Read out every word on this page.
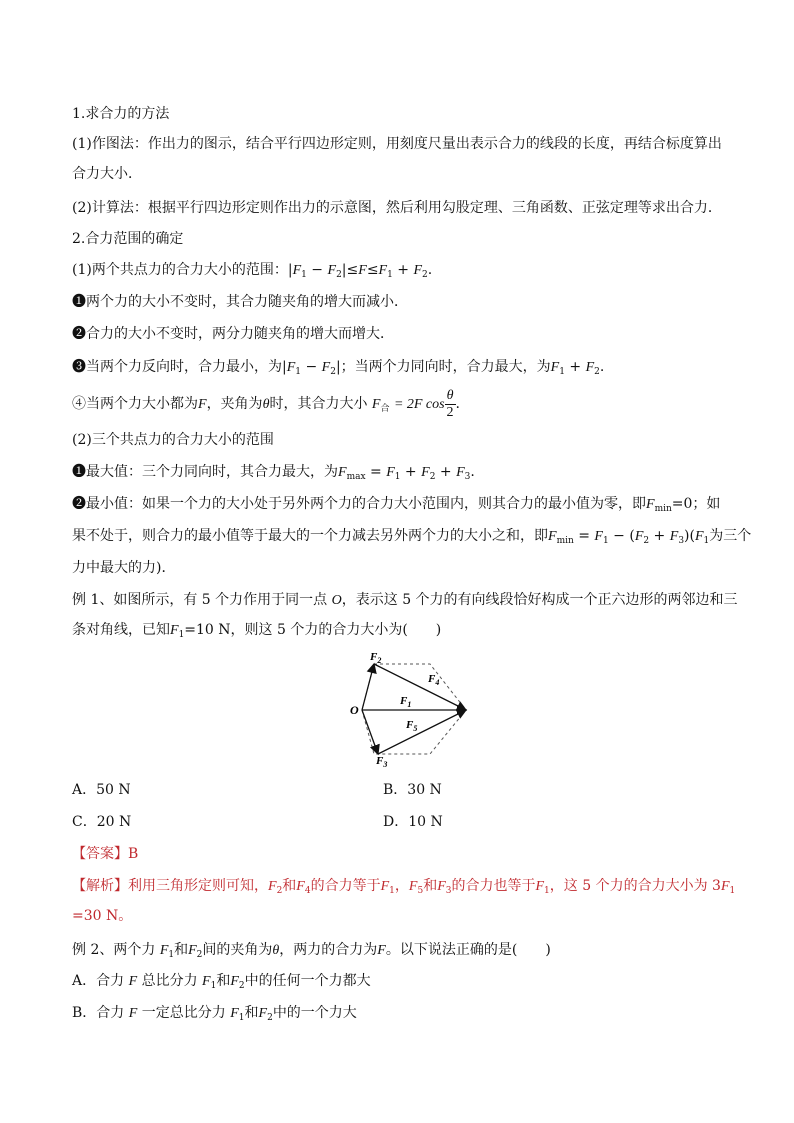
1.求合力的方法
(1)作图法：作出力的图示，结合平行四边形定则，用刻度尺量出表示合力的线段的长度，再结合标度算出
合力大小．
(2)计算法：根据平行四边形定则作出力的示意图，然后利用勾股定理、三角函数、正弦定理等求出合力．
2.合力范围的确定
(1)两个共点力的合力大小的范围：$|F_1 - F_2|\le F\le F_1 + F_2$.
❶两个力的大小不变时，其合力随夹角的增大而减小．
❷合力的大小不变时，两分力随夹角的增大而增大．
❸当两个力反向时，合力最小，为$|F_1 - F_2|$；当两个力同向时，合力最大，为$F_1 + F_2$.
④当两个力大小都为F，夹角为θ时，其合力大小 $F_合 = 2F$ $\cos \frac{\theta}{2}$ .
(2)三个共点力的合力大小的范围
❶最大值：三个力同向时，其合力最大，为$F_{max} = F_1 + F_2 + F_3$.
❷最小值：如果一个力的大小处于另外两个力的合力大小范围内，则其合力的最小值为零，即$F_{min}=0$；如
果不处于，则合力的最小值等于最大的一个力减去另外两个力的大小之和，即$F_{min} = F_1 - (F_2 + F_3)(F_1$为三个
力中最大的力)．
例 1、如图所示，有 5 个力作用于同一点 O，表示这 5 个力的有向线段恰好构成一个正六边形的两邻边和三
条对角线，已知$F_1=10$ N，则这 5 个力的合力大小为(　　)
O
$F_2$
$F_3$
$F_1$
$F_4$
$F_5$
A．50 N	B．30 N
C．20 N	D．10 N
【答案】B
【解析】利用三角形定则可知，$F_2$和$F_4$的合力等于$F_1$，$F_5$和$F_3$的合力也等于$F_1$，这 5 个力的合力大小为 $3F_1$
=30 N。
例 2、两个力 $F_1$和$F_2$间的夹角为θ，两力的合力为F。以下说法正确的是(　　)
A．合力 F 总比分力 $F_1$和$F_2$中的任何一个力都大
B．合力 F 一定总比分力 $F_1$和$F_2$中的一个力大
